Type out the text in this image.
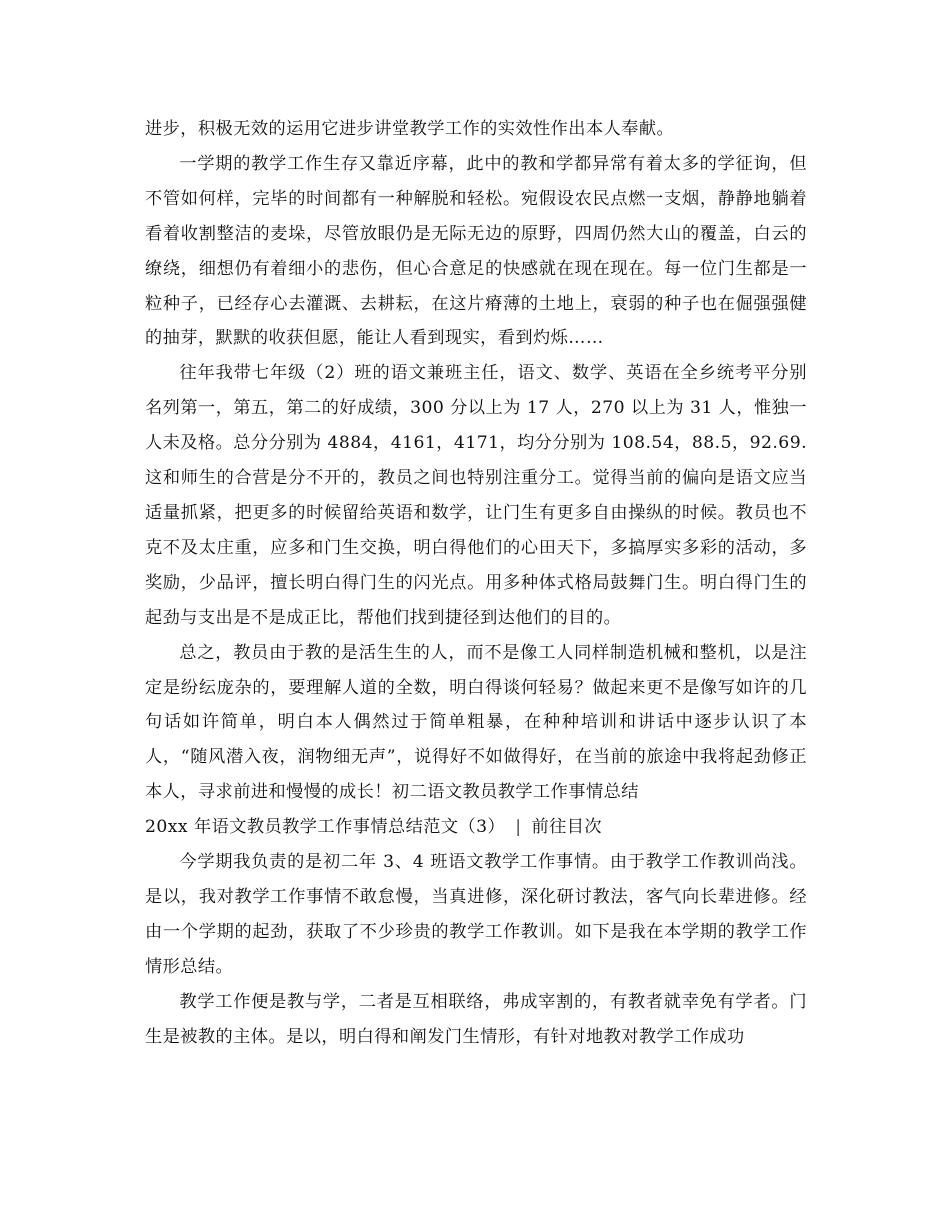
进步，积极无效的运用它进步讲堂教学工作的实效性作出本人奉献。

一学期的教学工作生存又靠近序幕，此中的教和学都异常有着太多的学征询，但不管如何样，完毕的时间都有一种解脱和轻松。宛假设农民点燃一支烟，静静地躺着看着收割整洁的麦垛，尽管放眼仍是无际无边的原野，四周仍然大山的覆盖，白云的缭绕，细想仍有着细小的悲伤，但心合意足的快感就在现在现在。每一位门生都是一粒种子，已经存心去灌溉、去耕耘，在这片瘠薄的土地上，衰弱的种子也在倔强强健的抽芽，默默的收获但愿，能让人看到现实，看到灼烁……

往年我带七年级（2）班的语文兼班主任，语文、数学、英语在全乡统考平分别名列第一，第五，第二的好成绩，300 分以上为 17 人，270 以上为 31 人，惟独一人未及格。总分分别为 4884，4161，4171，均分分别为 108.54，88.5，92.69. 这和师生的合营是分不开的，教员之间也特别注重分工。觉得当前的偏向是语文应当适量抓紧，把更多的时候留给英语和数学，让门生有更多自由操纵的时候。教员也不克不及太庄重，应多和门生交换，明白得他们的心田天下，多搞厚实多彩的活动，多奖励，少品评，擅长明白得门生的闪光点。用多种体式格局鼓舞门生。明白得门生的起劲与支出是不是成正比，帮他们找到捷径到达他们的目的。

总之，教员由于教的是活生生的人，而不是像工人同样制造机械和整机，以是注定是纷纭庞杂的，要理解人道的全数，明白得谈何轻易？做起来更不是像写如许的几句话如许简单，明白本人偶然过于简单粗暴，在种种培训和讲话中逐步认识了本人，“随风潜入夜，润物细无声”，说得好不如做得好，在当前的旅途中我将起劲修正本人，寻求前进和慢慢的成长！初二语文教员教学工作事情总结

20xx 年语文教员教学工作事情总结范文（3） | 前往目次

今学期我负责的是初二年 3、4 班语文教学工作事情。由于教学工作教训尚浅。是以，我对教学工作事情不敢怠慢，当真进修，深化研讨教法，客气向长辈进修。经由一个学期的起劲，获取了不少珍贵的教学工作教训。如下是我在本学期的教学工作情形总结。

教学工作便是教与学，二者是互相联络，弗成宰割的，有教者就幸免有学者。门生是被教的主体。是以，明白得和阐发门生情形，有针对地教对教学工作成功
